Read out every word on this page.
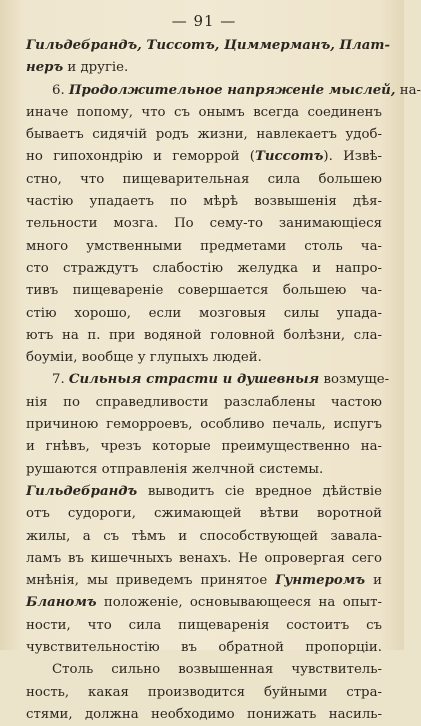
— 91 —
Гильдебрандъ, Тиссотъ, Циммерманъ, Плат-
неръ и другіе.
6. Продолжительное напряженіе мыслей, на-
иначе попому, что съ онымъ всегда соединенъ
бываетъ сидячій родъ жизни, навлекаетъ удоб-
но гипохондрію и геморрой (Тиссотъ). Извѣ-
стно, что пищеварительная сила большею
частію упадаетъ по мѣрѣ возвышенія дѣя-
тельности мозга. По сему-то занимающіеся
много умственными предметами столь ча-
сто страждутъ слабостію желудка и напро-
тивъ пищевареніе совершается большею ча-
стію хорошо, если мозговыя силы упада-
ютъ на п. при водяной головной болѣзни, сла-
боуміи, вообще у глупыхъ людей.
7. Сильныя страсти и душевныя возмуще-
нія по справедливости разслаблены частою
причиною геморроевъ, особливо печаль, испугъ
и гнѣвъ, чрезъ которые преимущественно на-
рушаются отправленія желчной системы.
Гильдебрандъ выводитъ сіе вредное дѣйствіе
отъ судороги, сжимающей вѣтви воротной
жилы, а съ тѣмъ и способствующей завала-
ламъ въ кишечныхъ венахъ. Не опровергая сего
мнѣнія, мы приведемъ принятое Гунтеромъ и
Бланомъ положеніе, основывающееся на опыт-
ности, что сила пищеваренія состоитъ съ
чувствительностію въ обратной пропорціи.
Столь сильно возвышенная чувствитель-
ность, какая производится буйными стра-
стями, должна необходимо понижать насиль-
